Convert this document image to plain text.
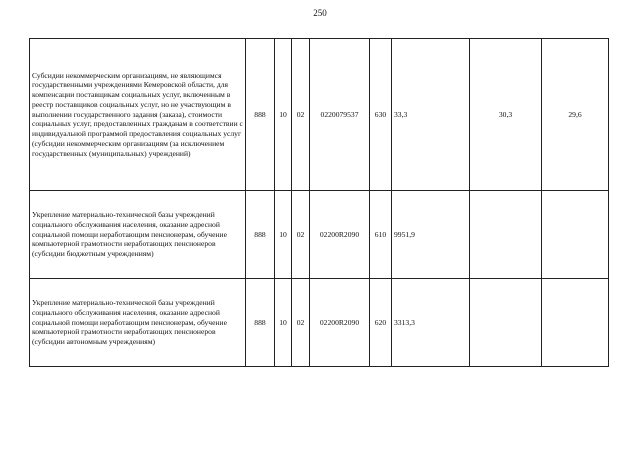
250
Субсидии некоммерческим организациям, не являющимся государственными учреждениями Кемеровской области, для компенсации поставщикам социальных услуг, включенным в реестр поставщиков социальных услуг, но не участвующим в выполнении государственного задания (заказа), стоимости социальных услуг, предоставленных гражданам в соответствии с индивидуальной программой предоставления социальных услуг (субсидии некоммерческим организациям (за исключением государственных (муниципальных) учреждений)	888	10	02	0220079537	630	33,3	30,3	29,6
Укрепление материально-технической базы учреждений социального обслуживания населения, оказание адресной социальной помощи неработающим пенсионерам, обучение компьютерной грамотности неработающих пенсионеров (субсидии бюджетным учреждениям)	888	10	02	02200R2090	610	9951,9		
Укрепление материально-технической базы учреждений социального обслуживания населения, оказание адресной социальной помощи неработающим пенсионерам, обучение компьютерной грамотности неработающих пенсионеров (субсидии автономным учреждениям)	888	10	02	02200R2090	620	3313,3		
